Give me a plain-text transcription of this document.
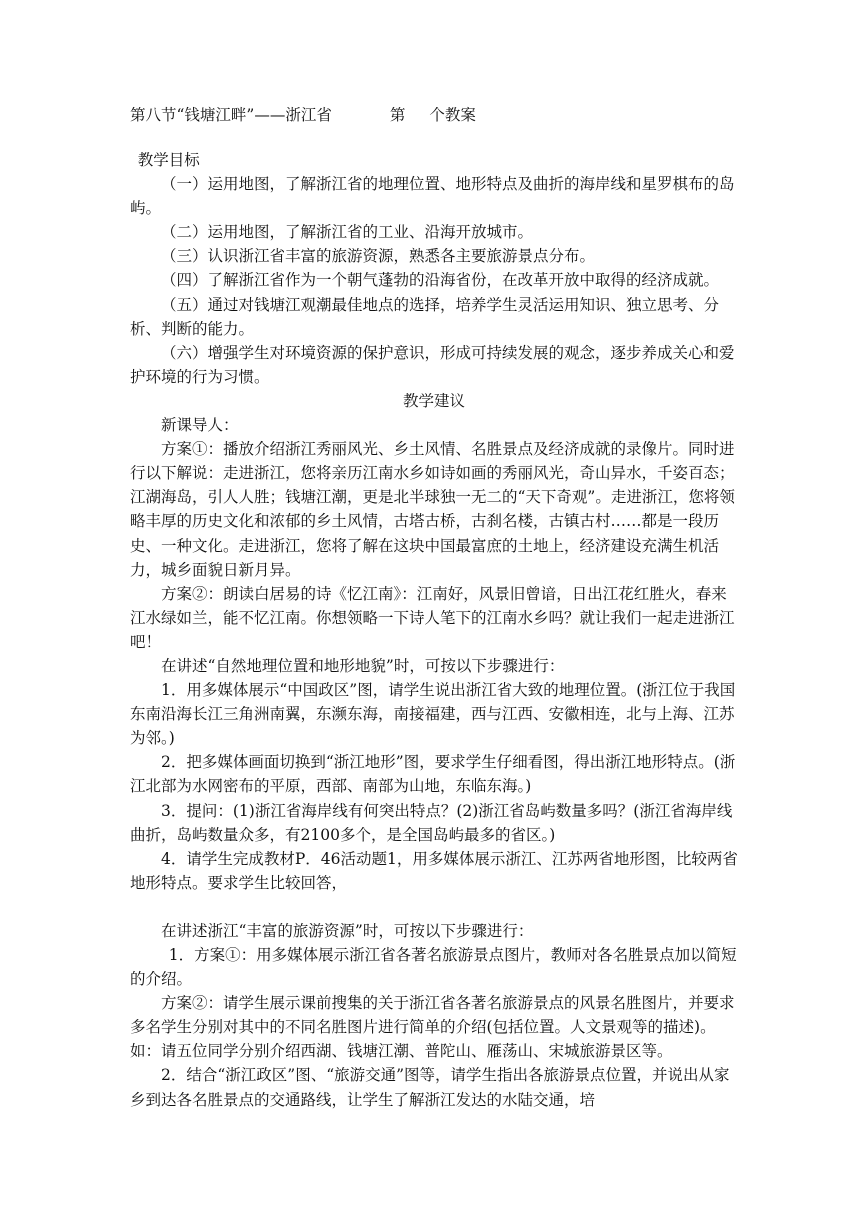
第八节“钱塘江畔”——浙江省	第 个教案

教学目标

（一）运用地图，了解浙江省的地理位置、地形特点及曲折的海岸线和星罗棋布的岛屿。

（二）运用地图，了解浙江省的工业、沿海开放城市。

（三）认识浙江省丰富的旅游资源，熟悉各主要旅游景点分布。

（四）了解浙江省作为一个朝气蓬勃的沿海省份，在改革开放中取得的经济成就。

（五）通过对钱塘江观潮最佳地点的选择，培养学生灵活运用知识、独立思考、分析、判断的能力。

（六）增强学生对环境资源的保护意识，形成可持续发展的观念，逐步养成关心和爱护环境的行为习惯。

教学建议

新课导人：

方案①：播放介绍浙江秀丽风光、乡土风情、名胜景点及经济成就的录像片。同时进行以下解说：走进浙江，您将亲历江南水乡如诗如画的秀丽风光，奇山异水，千姿百态；江湖海岛，引人人胜；钱塘江潮，更是北半球独一无二的“天下奇观”。走进浙江，您将领略丰厚的历史文化和浓郁的乡土风情，古塔古桥，古刹名楼，古镇古村……都是一段历史、一种文化。走进浙江，您将了解在这块中国最富庶的土地上，经济建设充满生机活力，城乡面貌日新月异。

方案②：朗读白居易的诗《忆江南》：江南好，风景旧曾谙，日出江花红胜火，春来江水绿如兰，能不忆江南。你想领略一下诗人笔下的江南水乡吗？就让我们一起走进浙江吧！

在讲述“自然地理位置和地形地貌”时，可按以下步骤进行：

1．用多媒体展示“中国政区”图，请学生说出浙江省大致的地理位置。(浙江位于我国东南沿海长江三角洲南翼，东濒东海，南接福建，西与江西、安徽相连，北与上海、江苏为邻。)

2．把多媒体画面切换到“浙江地形”图，要求学生仔细看图，得出浙江地形特点。(浙江北部为水网密布的平原，西部、南部为山地，东临东海。)

3．提问：(1)浙江省海岸线有何突出特点？(2)浙江省岛屿数量多吗？(浙江省海岸线曲折，岛屿数量众多，有2100多个，是全国岛屿最多的省区。)

4．请学生完成教材P．46活动题1，用多媒体展示浙江、江苏两省地形图，比较两省地形特点。要求学生比较回答，

在讲述浙江“丰富的旅游资源”时，可按以下步骤进行：

1．方案①：用多媒体展示浙江省各著名旅游景点图片，教师对各名胜景点加以简短的介绍。

方案②：请学生展示课前搜集的关于浙江省各著名旅游景点的风景名胜图片，并要求多名学生分别对其中的不同名胜图片进行简单的介绍(包括位置。人文景观等的描述)。如：请五位同学分别介绍西湖、钱塘江潮、普陀山、雁荡山、宋城旅游景区等。

2．结合“浙江政区”图、“旅游交通”图等，请学生指出各旅游景点位置，并说出从家乡到达各名胜景点的交通路线，让学生了解浙江发达的水陆交通，培
